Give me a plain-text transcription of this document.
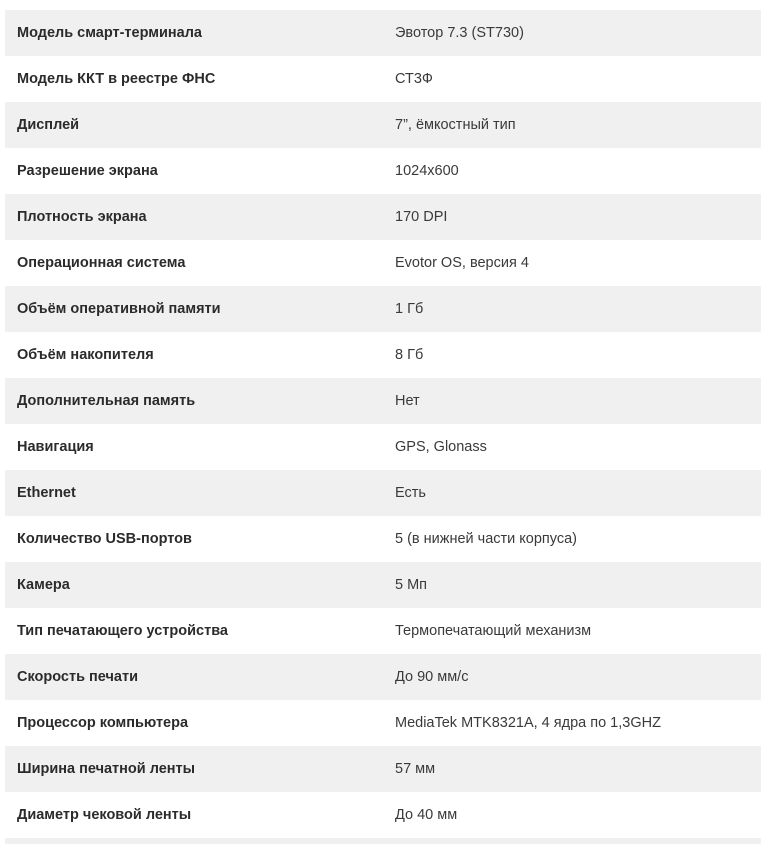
Модель смарт-терминала	Эвотор 7.3 (ST730)
Модель ККТ в реестре ФНС	СТ3Ф
Дисплей	7”, ёмкостный тип
Разрешение экрана	1024x600
Плотность экрана	170 DPI
Операционная система	Evotor OS, версия 4
Объём оперативной памяти	1 Гб
Объём накопителя	8 Гб
Дополнительная память	Нет
Навигация	GPS, Glonass
Ethernet	Есть
Количество USB-портов	5 (в нижней части корпуса)
Камера	5 Мп
Тип печатающего устройства	Термопечатающий механизм
Скорость печати	До 90 мм/с
Процессор компьютера	MediaTek MTK8321A, 4 ядра по 1,3GHZ
Ширина печатной ленты	57 мм
Диаметр чековой ленты	До 40 мм
